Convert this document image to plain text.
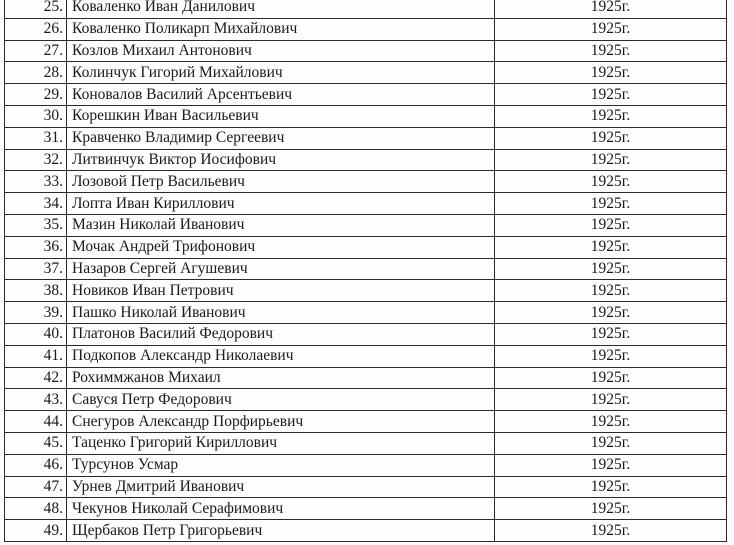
25.	Коваленко Иван Данилович	1925г.
26.	Коваленко Поликарп Михайлович	1925г.
27.	Козлов Михаил Антонович	1925г.
28.	Колинчук Гигорий Михайлович	1925г.
29.	Коновалов Василий Арсентьевич	1925г.
30.	Корешкин Иван Васильевич	1925г.
31.	Кравченко Владимир Сергеевич	1925г.
32.	Литвинчук Виктор Иосифович	1925г.
33.	Лозовой Петр Васильевич	1925г.
34.	Лопта Иван Кириллович	1925г.
35.	Мазин Николай Иванович	1925г.
36.	Мочак Андрей Трифонович	1925г.
37.	Назаров Сергей Агушевич	1925г.
38.	Новиков Иван Петрович	1925г.
39.	Пашко Николай Иванович	1925г.
40.	Платонов Василий Федорович	1925г.
41.	Подкопов Александр Николаевич	1925г.
42.	Рохиммжанов Михаил	1925г.
43.	Савуся Петр Федорович	1925г.
44.	Снегуров Александр Порфирьевич	1925г.
45.	Таценко Григорий Кириллович	1925г.
46.	Турсунов Усмар	1925г.
47.	Урнев Дмитрий Иванович	1925г.
48.	Чекунов Николай Серафимович	1925г.
49.	Щербаков Петр Григорьевич	1925г.
